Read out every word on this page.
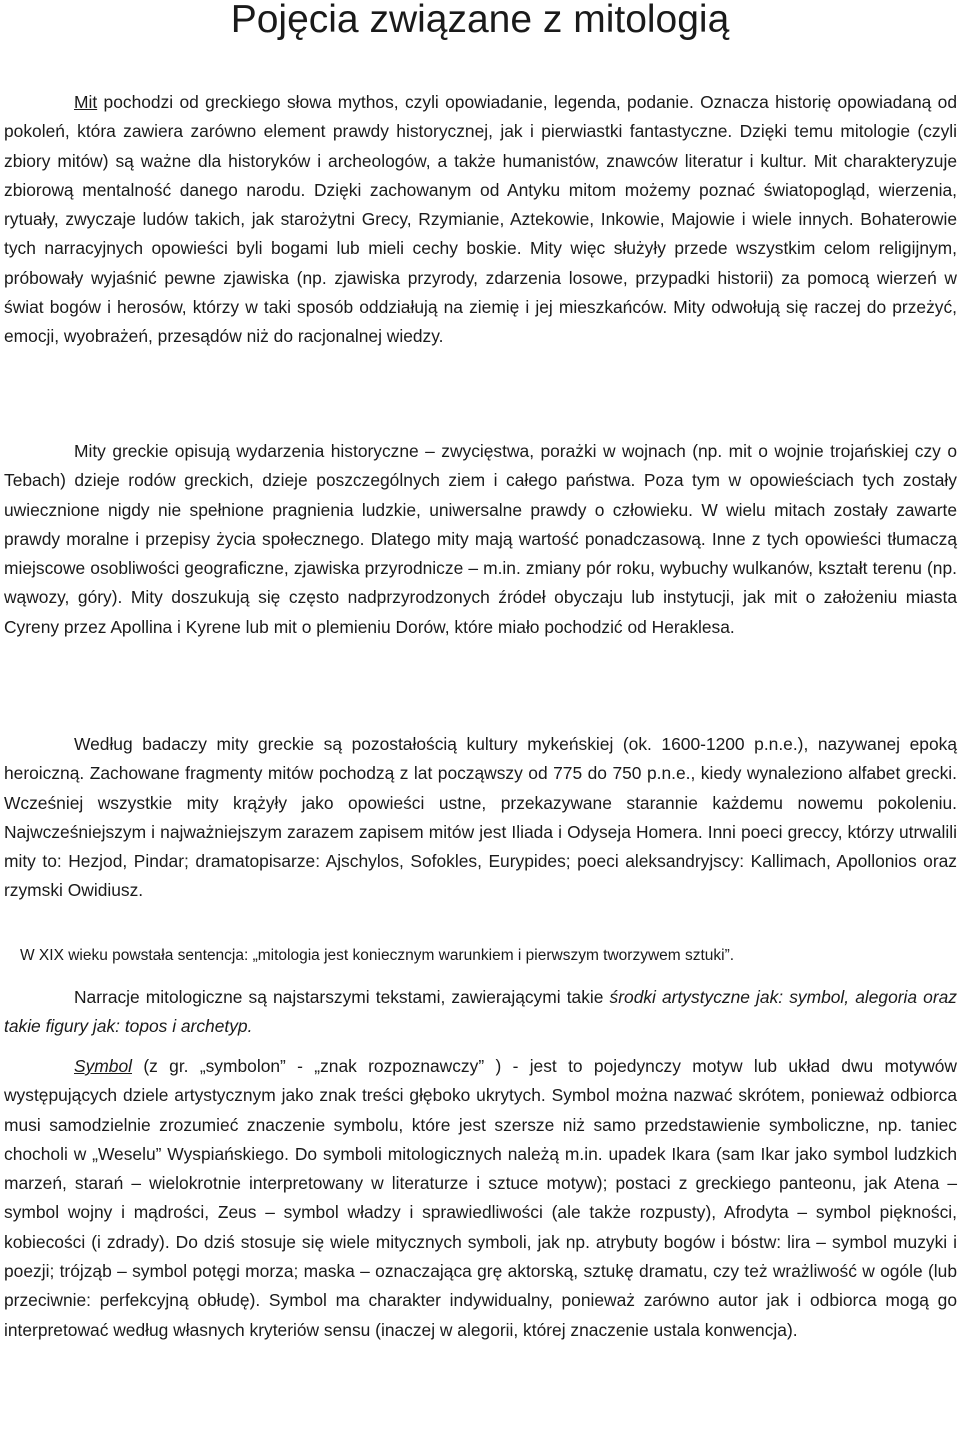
Pojęcia związane z mitologią

Mit pochodzi od greckiego słowa mythos, czyli opowiadanie, legenda, podanie. Oznacza historię opowiadaną od pokoleń, która zawiera zarówno element prawdy historycznej, jak i pierwiastki fantastyczne. Dzięki temu mitologie (czyli zbiory mitów) są ważne dla historyków i archeologów, a także humanistów, znawców literatur i kultur. Mit charakteryzuje zbiorową mentalność danego narodu. Dzięki zachowanym od Antyku mitom możemy poznać światopogląd, wierzenia, rytuały, zwyczaje ludów takich, jak starożytni Grecy, Rzymianie, Aztekowie, Inkowie, Majowie i wiele innych. Bohaterowie tych narracyjnych opowieści byli bogami lub mieli cechy boskie. Mity więc służyły przede wszystkim celom religijnym, próbowały wyjaśnić pewne zjawiska (np. zjawiska przyrody, zdarzenia losowe, przypadki historii) za pomocą wierzeń w świat bogów i herosów, którzy w taki sposób oddziałują na ziemię i jej mieszkańców. Mity odwołują się raczej do przeżyć, emocji, wyobrażeń, przesądów niż do racjonalnej wiedzy.

Mity greckie opisują wydarzenia historyczne – zwycięstwa, porażki w wojnach (np. mit o wojnie trojańskiej czy o Tebach) dzieje rodów greckich, dzieje poszczególnych ziem i całego państwa. Poza tym w opowieściach tych zostały uwiecznione nigdy nie spełnione pragnienia ludzkie, uniwersalne prawdy o człowieku. W wielu mitach zostały zawarte prawdy moralne i przepisy życia społecznego. Dlatego mity mają wartość ponadczasową. Inne z tych opowieści tłumaczą miejscowe osobliwości geograficzne, zjawiska przyrodnicze – m.in. zmiany pór roku, wybuchy wulkanów, kształt terenu (np. wąwozy, góry). Mity doszukują się często nadprzyrodzonych źródeł obyczaju lub instytucji, jak mit o założeniu miasta Cyreny przez Apollina i Kyrene lub mit o plemieniu Dorów, które miało pochodzić od Heraklesa.

Według badaczy mity greckie są pozostałością kultury mykeńskiej (ok. 1600-1200 p.n.e.), nazywanej epoką heroiczną. Zachowane fragmenty mitów pochodzą z lat począwszy od 775 do 750 p.n.e., kiedy wynaleziono alfabet grecki. Wcześniej wszystkie mity krążyły jako opowieści ustne, przekazywane starannie każdemu nowemu pokoleniu. Najwcześniejszym i najważniejszym zarazem zapisem mitów jest Iliada i Odyseja Homera. Inni poeci greccy, którzy utrwalili mity to: Hezjod, Pindar; dramatopisarze: Ajschylos, Sofokles, Eurypides; poeci aleksandryjscy: Kallimach, Apollonios oraz rzymski Owidiusz.

W XIX wieku powstała sentencja: „mitologia jest koniecznym warunkiem i pierwszym tworzywem sztuki”.

Narracje mitologiczne są najstarszymi tekstami, zawierającymi takie środki artystyczne jak: symbol, alegoria oraz takie figury jak: topos i archetyp.

Symbol (z gr. „symbolon” - „znak rozpoznawczy” ) - jest to pojedynczy motyw lub układ dwu motywów występujących dziele artystycznym jako znak treści głęboko ukrytych. Symbol można nazwać skrótem, ponieważ odbiorca musi samodzielnie zrozumieć znaczenie symbolu, które jest szersze niż samo przedstawienie symboliczne, np. taniec chocholi w „Weselu” Wyspiańskiego. Do symboli mitologicznych należą m.in. upadek Ikara (sam Ikar jako symbol ludzkich marzeń, starań – wielokrotnie interpretowany w literaturze i sztuce motyw); postaci z greckiego panteonu, jak Atena – symbol wojny i mądrości, Zeus – symbol władzy i sprawiedliwości (ale także rozpusty), Afrodyta – symbol piękności, kobiecości (i zdrady). Do dziś stosuje się wiele mitycznych symboli, jak np. atrybuty bogów i bóstw: lira – symbol muzyki i poezji; trójząb – symbol potęgi morza; maska – oznaczająca grę aktorską, sztukę dramatu, czy też wrażliwość w ogóle (lub przeciwnie: perfekcyjną obłudę). Symbol ma charakter indywidualny, ponieważ zarówno autor jak i odbiorca mogą go interpretować według własnych kryteriów sensu (inaczej w alegorii, której znaczenie ustala konwencja).
